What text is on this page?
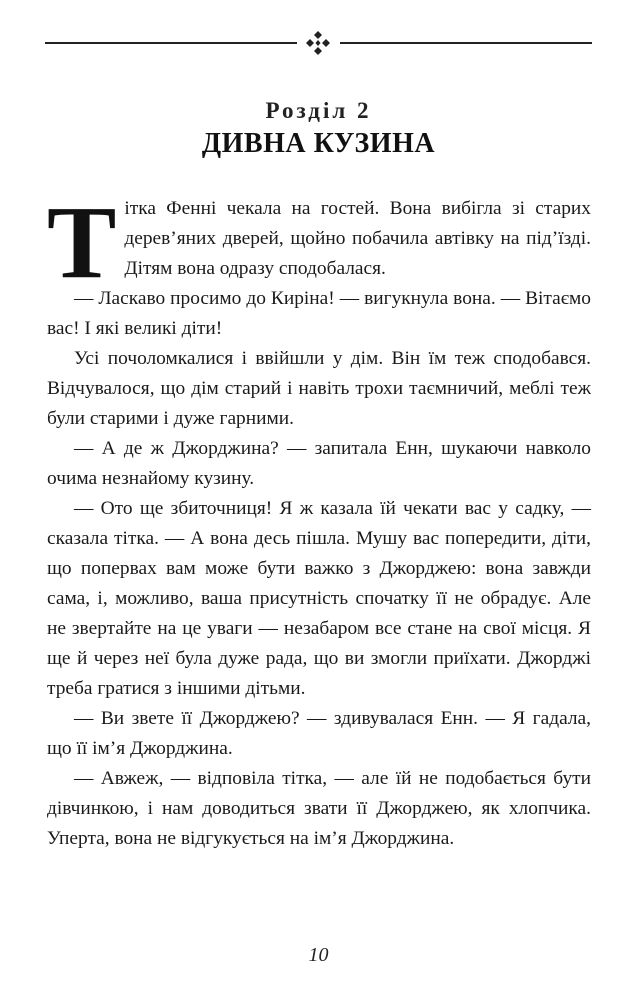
Розділ 2
ДИВНА КУЗИНА

Тітка Фенні чекала на гостей. Вона вибігла зі старих дерев’яних дверей, щойно побачила автівку на під’їзді. Дітям вона одразу сподобалася.

— Ласкаво просимо до Киріна! — вигукнула вона. — Вітаємо вас! І які великі діти!

Усі почоломкалися і ввійшли у дім. Він їм теж сподобався. Відчувалося, що дім старий і навіть трохи таємничий, меблі теж були старими і дуже гарними.

— А де ж Джорджина? — запитала Енн, шукаючи навколо очима незнайому кузину.

— Ото ще збиточниця! Я ж казала їй чекати вас у садку, — сказала тітка. — А вона десь пішла. Мушу вас попередити, діти, що поперваx вам може бути важко з Джорджею: вона завжди сама, і, можливо, ваша присутність спочатку її не обрадує. Але не звертайте на це уваги — незабаром все стане на свої місця. Я ще й через неї була дуже рада, що ви змогли приїхати. Джорджі треба гратися з іншими дітьми.

— Ви звете її Джорджею? — здивувалася Енн. — Я гадала, що її ім’я Джорджина.

— Авжеж, — відповіла тітка, — але їй не подобається бути дівчинкою, і нам доводиться звати її Джорджею, як хлопчика. Уперта, вона не відгукується на ім’я Джорджина.

10
